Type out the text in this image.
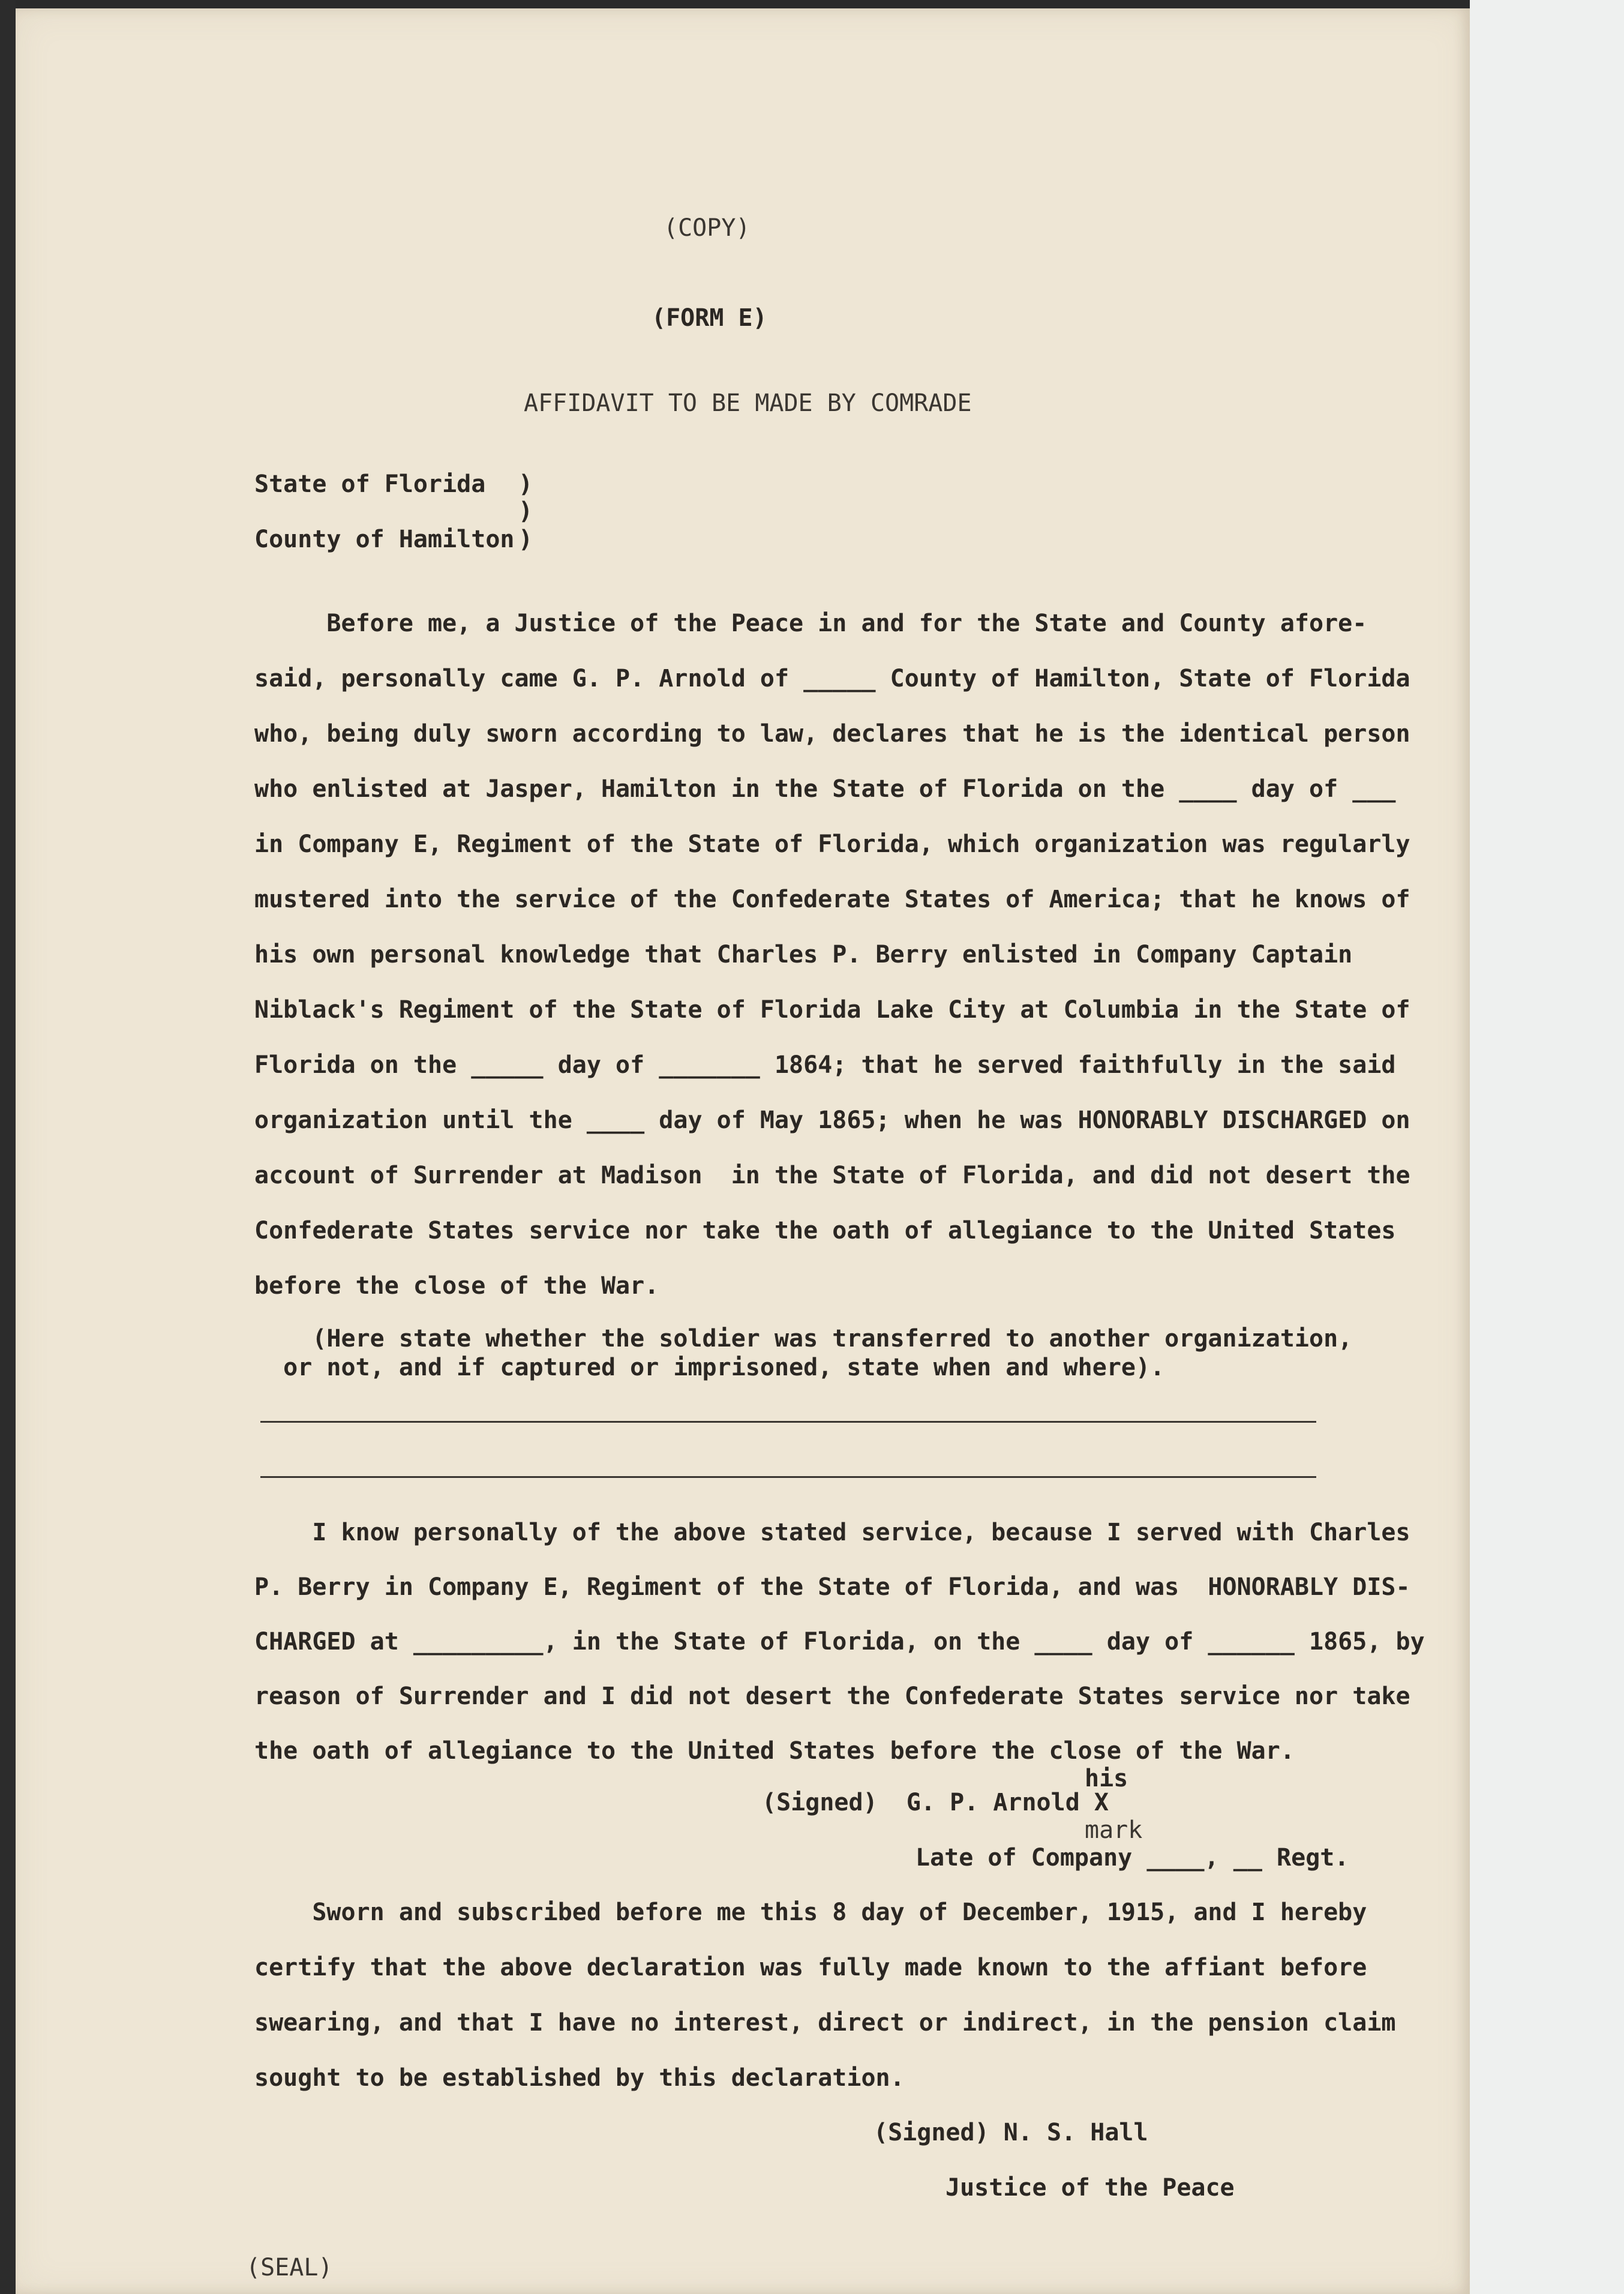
(COPY)
(FORM E)
AFFIDAVIT TO BE MADE BY COMRADE
State of Florida )
)
County of Hamilton )
Before me, a Justice of the Peace in and for the State and County afore-
said, personally came G. P. Arnold of _____ County of Hamilton, State of Florida
who, being duly sworn according to law, declares that he is the identical person
who enlisted at Jasper, Hamilton in the State of Florida on the ____ day of ___
in Company E, Regiment of the State of Florida, which organization was regularly
mustered into the service of the Confederate States of America; that he knows of
his own personal knowledge that Charles P. Berry enlisted in Company Captain
Niblack's Regiment of the State of Florida Lake City at Columbia in the State of
Florida on the _____ day of _______ 1864; that he served faithfully in the said
organization until the ____ day of May 1865; when he was HONORABLY DISCHARGED on
account of Surrender at Madison  in the State of Florida, and did not desert the
Confederate States service nor take the oath of allegiance to the United States
before the close of the War.
(Here state whether the soldier was transferred to another organization,
or not, and if captured or imprisoned, state when and where).
I know personally of the above stated service, because I served with Charles
P. Berry in Company E, Regiment of the State of Florida, and was  HONORABLY DIS-
CHARGED at _________, in the State of Florida, on the ____ day of ______ 1865, by
reason of Surrender and I did not desert the Confederate States service nor take
the oath of allegiance to the United States before the close of the War.
his
(Signed)  G. P. Arnold X
mark
Late of Company ____, __ Regt.
Sworn and subscribed before me this 8 day of December, 1915, and I hereby
certify that the above declaration was fully made known to the affiant before
swearing, and that I have no interest, direct or indirect, in the pension claim
sought to be established by this declaration.
(Signed) N. S. Hall
Justice of the Peace
(SEAL)
